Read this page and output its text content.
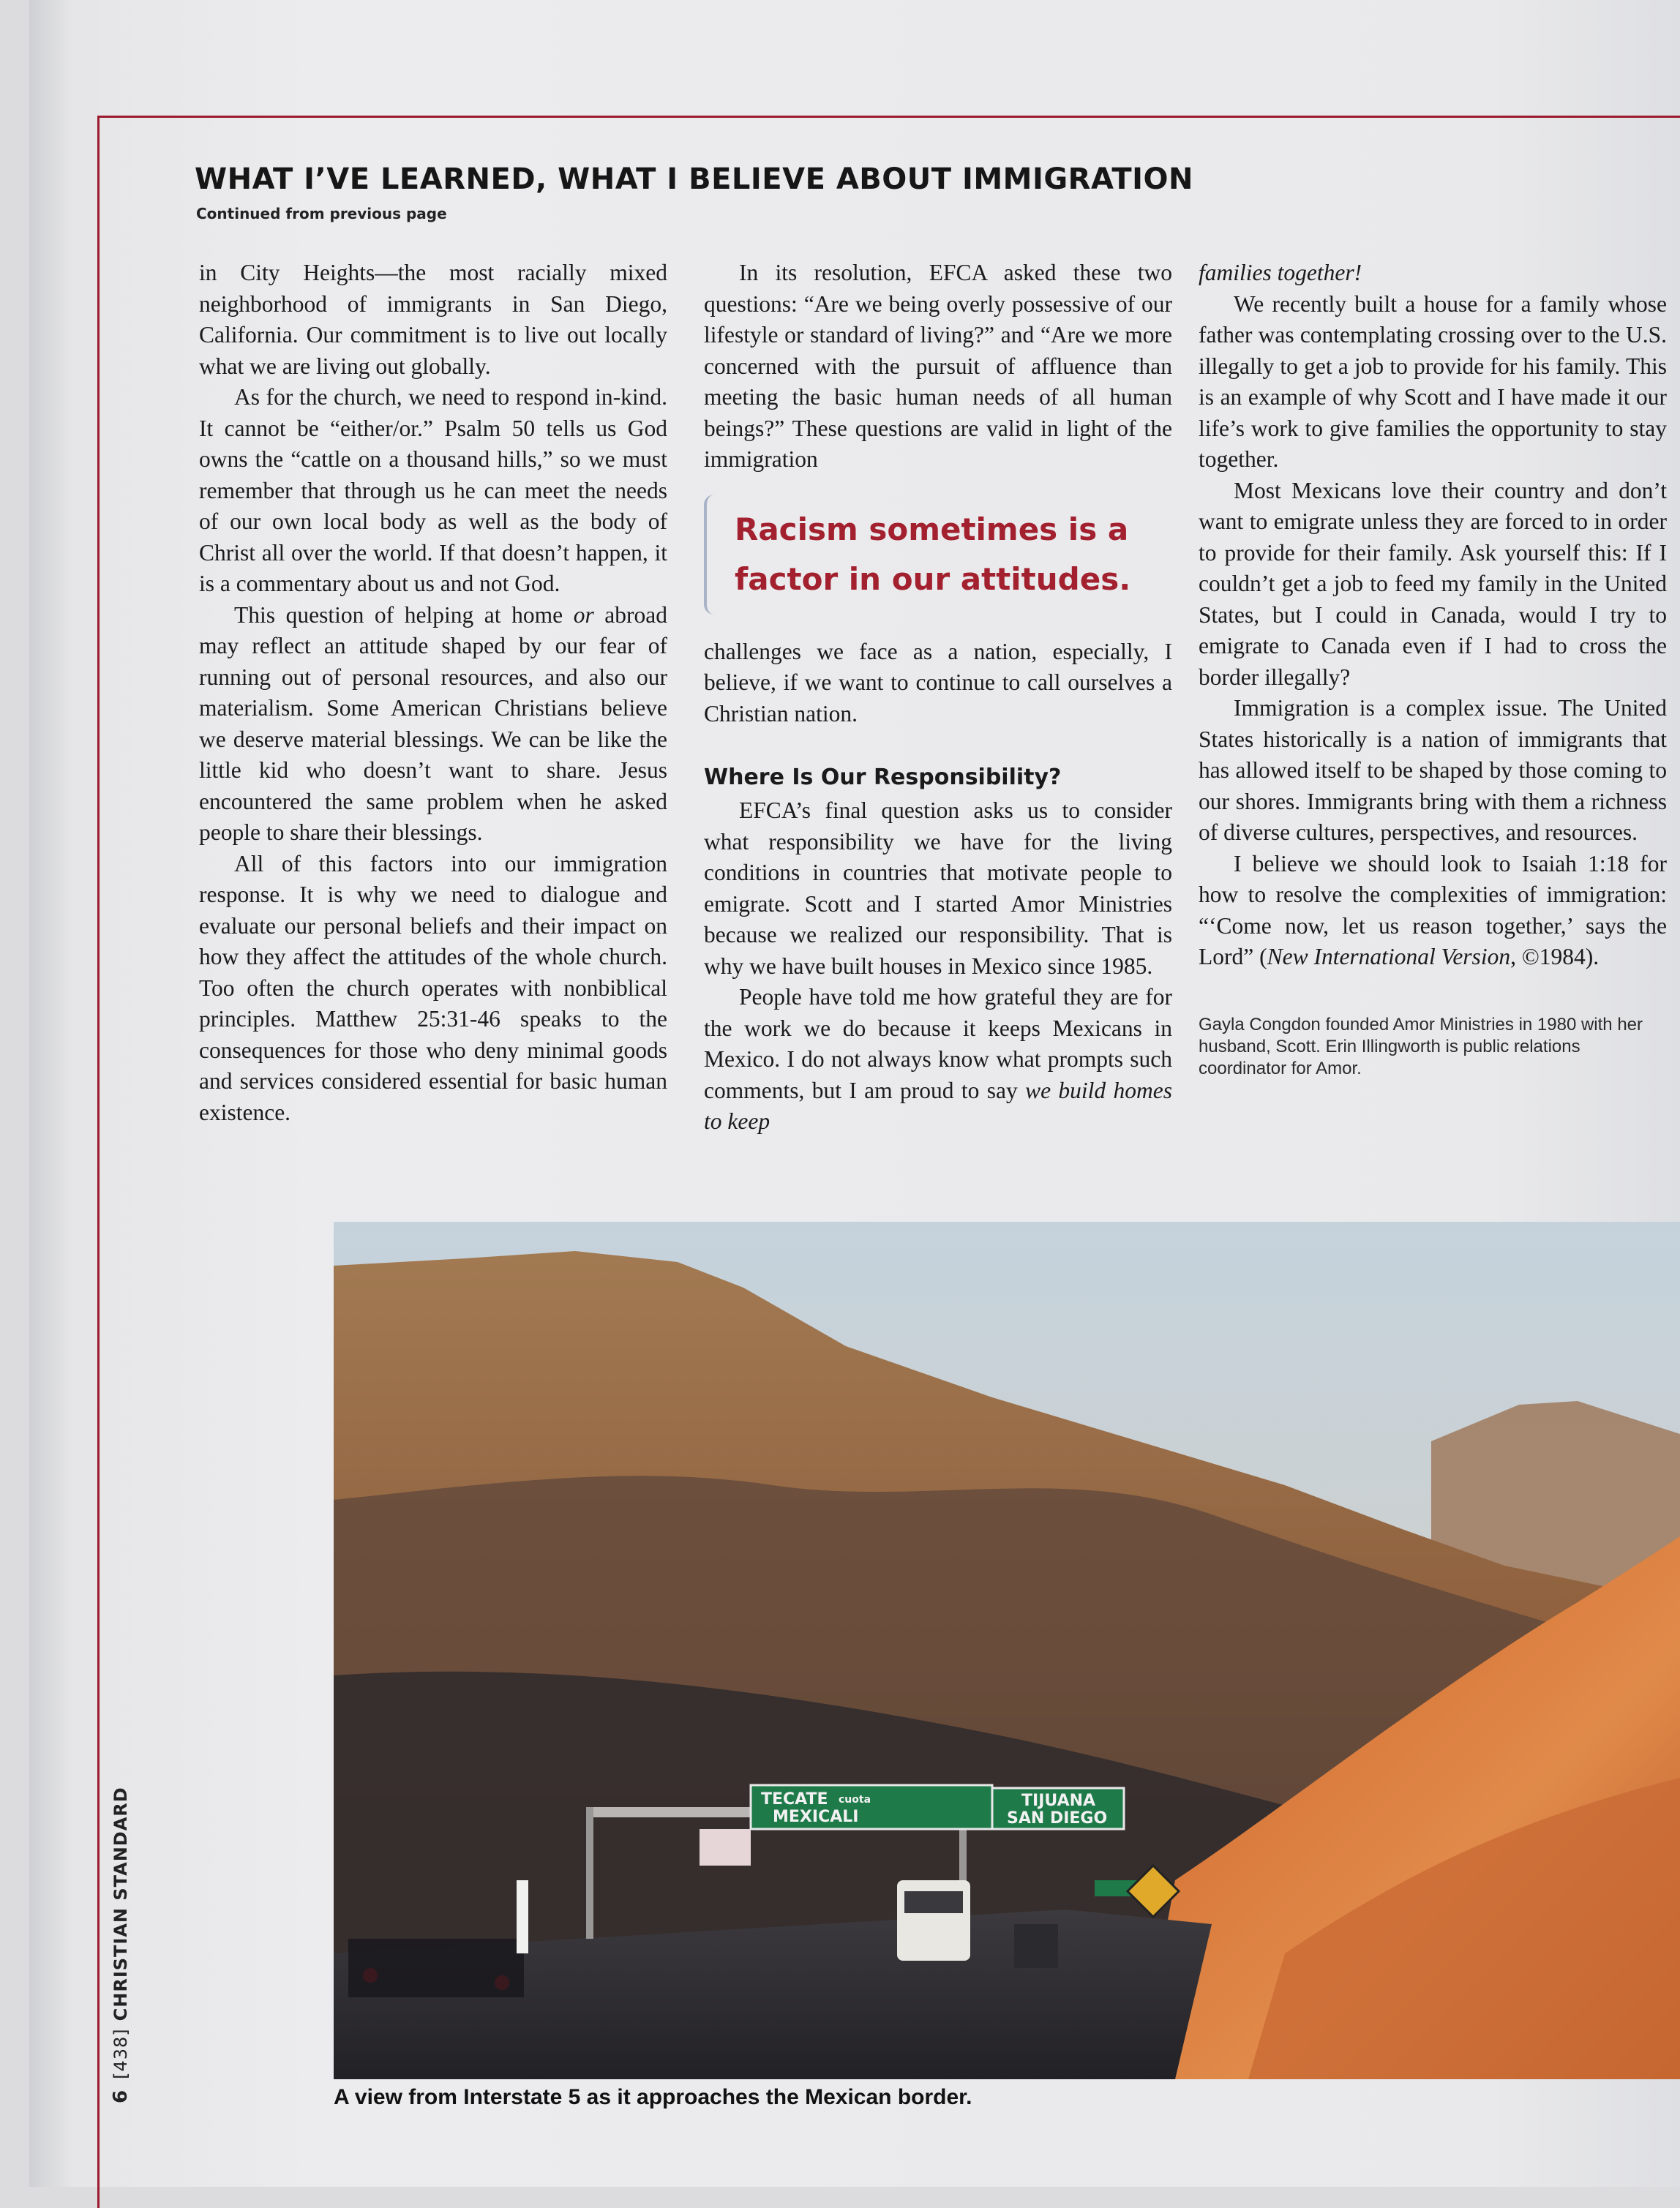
WHAT I’VE LEARNED, WHAT I BELIEVE ABOUT IMMIGRATION
Continued from previous page

in City Heights—the most racially mixed neighborhood of immigrants in San Diego, California. Our commitment is to live out locally what we are living out globally.

As for the church, we need to respond in-kind. It cannot be “either/or.” Psalm 50 tells us God owns the “cattle on a thousand hills,” so we must remember that through us he can meet the needs of our own local body as well as the body of Christ all over the world. If that doesn’t happen, it is a commentary about us and not God.

This question of helping at home or abroad may reflect an attitude shaped by our fear of running out of personal resources, and also our materialism. Some American Christians believe we deserve material blessings. We can be like the little kid who doesn’t want to share. Jesus encountered the same problem when he asked people to share their blessings.

All of this factors into our immigration response. It is why we need to dialogue and evaluate our personal beliefs and their impact on how they affect the attitudes of the whole church. Too often the church operates with nonbiblical principles. Matthew 25:31-46 speaks to the consequences for those who deny minimal goods and services considered essential for basic human existence.

In its resolution, EFCA asked these two questions: “Are we being overly possessive of our lifestyle or standard of living?” and “Are we more concerned with the pursuit of affluence than meeting the basic human needs of all human beings?” These questions are valid in light of the immigration

Racism sometimes is a
factor in our attitudes.

challenges we face as a nation, especially, I believe, if we want to continue to call ourselves a Christian nation.

Where Is Our Responsibility?

EFCA’s final question asks us to consider what responsibility we have for the living conditions in countries that motivate people to emigrate. Scott and I started Amor Ministries because we realized our responsibility. That is why we have built houses in Mexico since 1985.

People have told me how grateful they are for the work we do because it keeps Mexicans in Mexico. I do not always know what prompts such comments, but I am proud to say we build homes to keep

families together!

We recently built a house for a family whose father was contemplating crossing over to the U.S. illegally to get a job to provide for his family. This is an example of why Scott and I have made it our life’s work to give families the opportunity to stay together.

Most Mexicans love their country and don’t want to emigrate unless they are forced to in order to provide for their family. Ask yourself this: If I couldn’t get a job to feed my family in the United States, but I could in Canada, would I try to emigrate to Canada even if I had to cross the border illegally?

Immigration is a complex issue. The United States historically is a nation of immigrants that has allowed itself to be shaped by those coming to our shores. Immigrants bring with them a richness of diverse cultures, perspectives, and resources.

I believe we should look to Isaiah 1:18 for how to resolve the complexities of immigration: “‘Come now, let us reason together,’ says the Lord” (New International Version, ©1984).

Gayla Congdon founded Amor Ministries in 1980 with her husband, Scott. Erin Illingworth is public relations coordinator for Amor.
TECATE cuota
MEXICALI
TIJUANA
SAN DIEGO
A view from Interstate 5 as it approaches the Mexican border.
6[438]CHRISTIAN STANDARD
